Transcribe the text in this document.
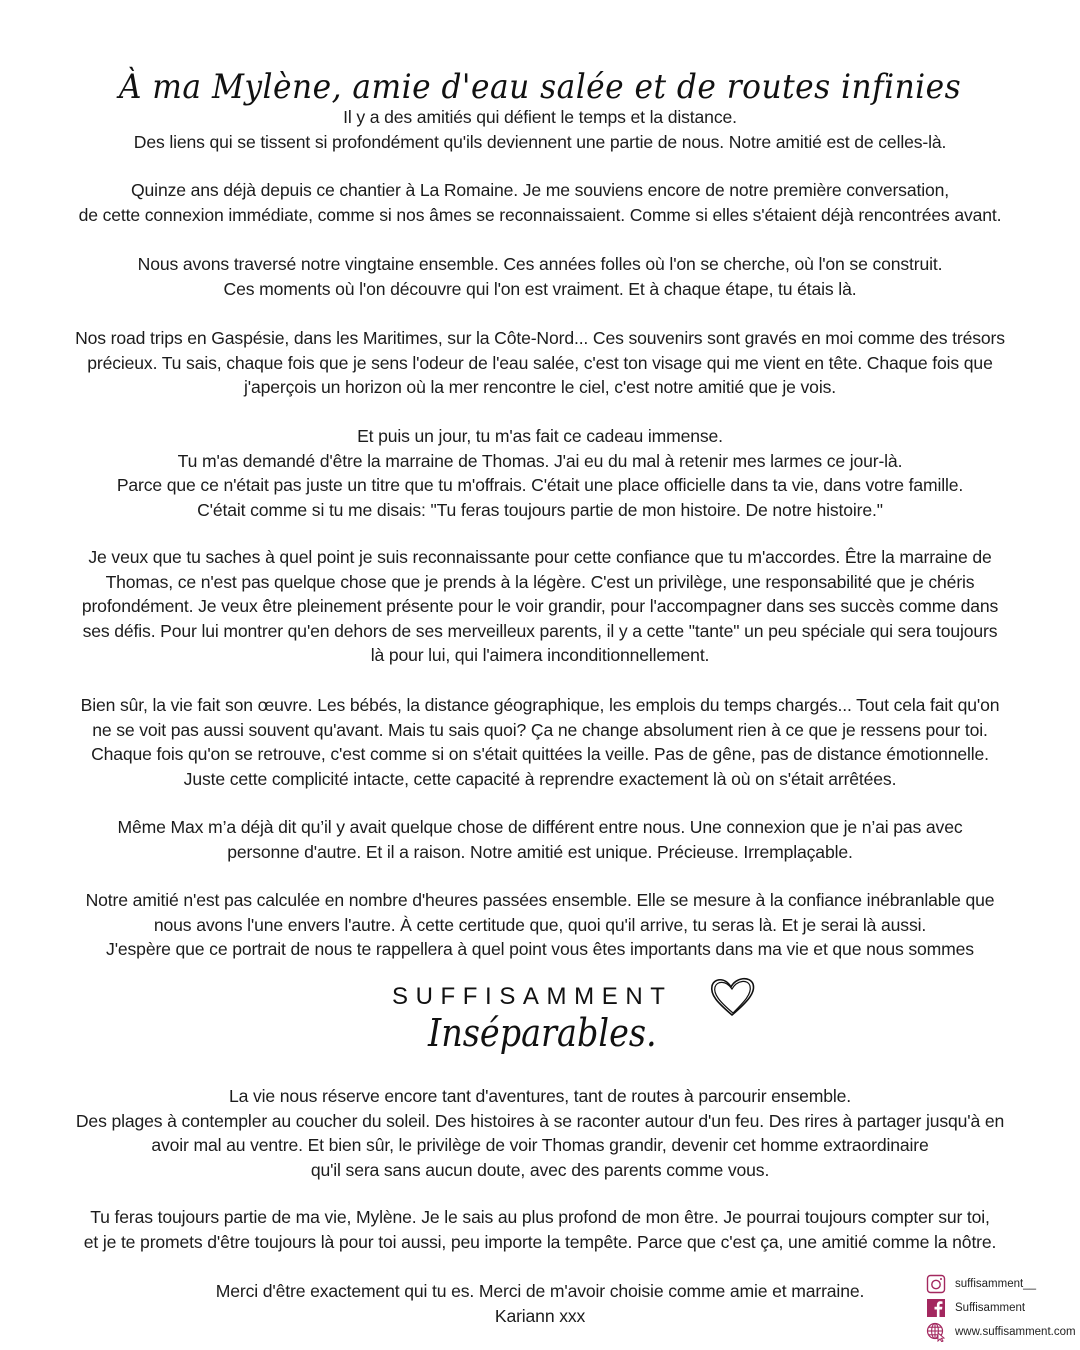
À ma Mylène, amie d'eau salée et de routes infinies
Il y a des amitiés qui défient le temps et la distance.
Des liens qui se tissent si profondément qu'ils deviennent une partie de nous. Notre amitié est de celles-là.
Quinze ans déjà depuis ce chantier à La Romaine. Je me souviens encore de notre première conversation,
de cette connexion immédiate, comme si nos âmes se reconnaissaient. Comme si elles s'étaient déjà rencontrées avant.
Nous avons traversé notre vingtaine ensemble. Ces années folles où l'on se cherche, où l'on se construit.
Ces moments où l'on découvre qui l'on est vraiment. Et à chaque étape, tu étais là.
Nos road trips en Gaspésie, dans les Maritimes, sur la Côte-Nord... Ces souvenirs sont gravés en moi comme des trésors
précieux. Tu sais, chaque fois que je sens l'odeur de l'eau salée, c'est ton visage qui me vient en tête. Chaque fois que
j'aperçois un horizon où la mer rencontre le ciel, c'est notre amitié que je vois.
Et puis un jour, tu m'as fait ce cadeau immense.
Tu m'as demandé d'être la marraine de Thomas. J'ai eu du mal à retenir mes larmes ce jour-là.
Parce que ce n'était pas juste un titre que tu m'offrais. C'était une place officielle dans ta vie, dans votre famille.
C'était comme si tu me disais: "Tu feras toujours partie de mon histoire. De notre histoire."
Je veux que tu saches à quel point je suis reconnaissante pour cette confiance que tu m'accordes. Être la marraine de
Thomas, ce n'est pas quelque chose que je prends à la légère. C'est un privilège, une responsabilité que je chéris
profondément. Je veux être pleinement présente pour le voir grandir, pour l'accompagner dans ses succès comme dans
ses défis. Pour lui montrer qu'en dehors de ses merveilleux parents, il y a cette "tante" un peu spéciale qui sera toujours
là pour lui, qui l'aimera inconditionnellement.
Bien sûr, la vie fait son œuvre. Les bébés, la distance géographique, les emplois du temps chargés... Tout cela fait qu'on
ne se voit pas aussi souvent qu'avant. Mais tu sais quoi? Ça ne change absolument rien à ce que je ressens pour toi.
Chaque fois qu'on se retrouve, c'est comme si on s'était quittées la veille. Pas de gêne, pas de distance émotionnelle.
Juste cette complicité intacte, cette capacité à reprendre exactement là où on s'était arrêtées.
Même Max m’a déjà dit qu’il y avait quelque chose de différent entre nous. Une connexion que je n’ai pas avec
personne d'autre. Et il a raison. Notre amitié est unique. Précieuse. Irremplaçable.
Notre amitié n'est pas calculée en nombre d'heures passées ensemble. Elle se mesure à la confiance inébranlable que
nous avons l'une envers l'autre. À cette certitude que, quoi qu'il arrive, tu seras là. Et je serai là aussi.
J'espère que ce portrait de nous te rappellera à quel point vous êtes importants dans ma vie et que nous sommes
SUFFISAMMENT
Inséparables.
La vie nous réserve encore tant d'aventures, tant de routes à parcourir ensemble.
Des plages à contempler au coucher du soleil. Des histoires à se raconter autour d'un feu. Des rires à partager jusqu'à en
avoir mal au ventre. Et bien sûr, le privilège de voir Thomas grandir, devenir cet homme extraordinaire
qu'il sera sans aucun doute, avec des parents comme vous.
Tu feras toujours partie de ma vie, Mylène. Je le sais au plus profond de mon être. Je pourrai toujours compter sur toi,
et je te promets d'être toujours là pour toi aussi, peu importe la tempête. Parce que c'est ça, une amitié comme la nôtre.
Merci d'être exactement qui tu es. Merci de m'avoir choisie comme amie et marraine.
Kariann xxx
suffisamment__
Suffisamment
www.suffisamment.com
